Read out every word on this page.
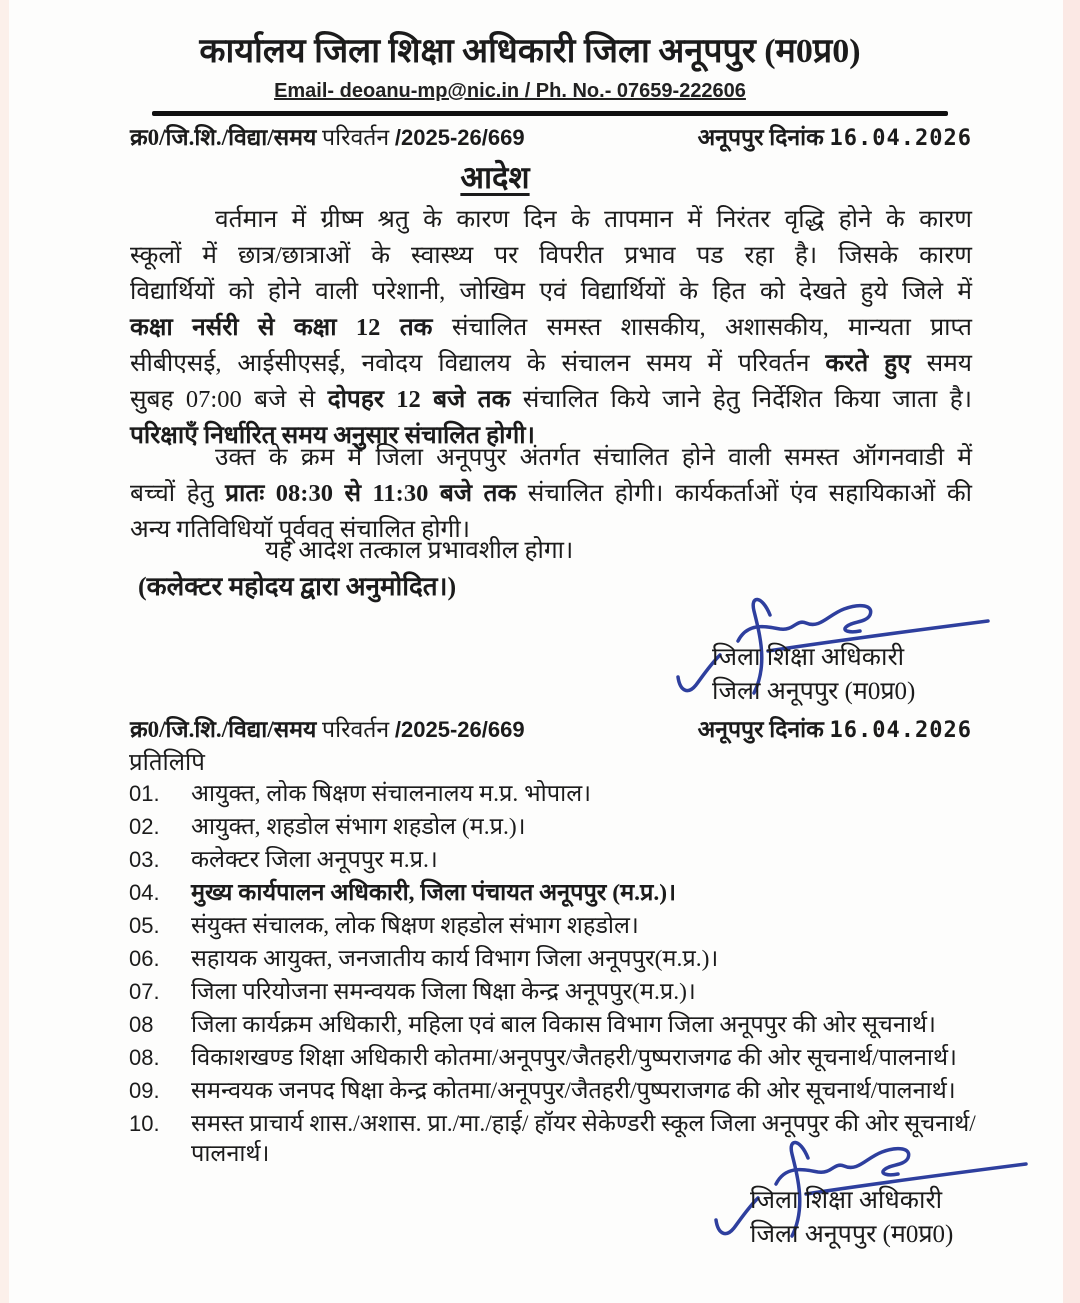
कार्यालय जिला शिक्षा अधिकारी जिला अनूपपुर (म0प्र0)
Email- deoanu-mp@nic.in / Ph. No.- 07659-222606
क्र0/जि.शि./विद्या/समय परिवर्तन /2025-26/669	अनूपपुर दिनांक 16.04.2026
आदेश
वर्तमान में ग्रीष्म श्रतु के कारण दिन के तापमान में निरंतर वृद्धि होने के कारण
स्कूलों में छात्र/छात्राओं के स्वास्थ्य पर विपरीत प्रभाव पड रहा है। जिसके कारण
विद्यार्थियों को होने वाली परेशानी, जोखिम एवं विद्यार्थियों के हित को देखते हुये जिले में
कक्षा नर्सरी से कक्षा 12 तक संचालित समस्त शासकीय, अशासकीय, मान्यता प्राप्त
सीबीएसई, आईसीएसई, नवोदय विद्यालय के संचालन समय में परिवर्तन करते हुए समय
सुबह 07:00 बजे से दोपहर 12 बजे तक संचालित किये जाने हेतु निर्देशित किया जाता है।
परिक्षाएँ निर्धारित समय अनुसार संचालित होगी।
उक्त के क्रम में जिला अनूपपुर अंतर्गत संचालित होने वाली समस्त ऑगनवाडी में
बच्चों हेतु प्रातः 08:30 से 11:30 बजे तक संचालित होगी। कार्यकर्ताओं एंव सहायिकाओं की
अन्य गतिविधियॉ पूर्ववत संचालित होगी।
यह आदेश तत्काल प्रभावशील होगा।
(कलेक्टर महोदय द्वारा अनुमोदित।)
जिला शिक्षा अधिकारी
जिला अनूपपुर (म0प्र0)
क्र0/जि.शि./विद्या/समय परिवर्तन /2025-26/669	अनूपपुर दिनांक 16.04.2026
प्रतिलिपि
01.	आयुक्त, लोक षिक्षण संचालनालय म.प्र. भोपाल।
02.	आयुक्त, शहडोल संभाग शहडोल (म.प्र.)।
03.	कलेक्टर जिला अनूपपुर म.प्र.।
04.	मुख्य कार्यपालन अधिकारी, जिला पंचायत अनूपपुर (म.प्र.)।
05.	संयुक्त संचालक, लोक षिक्षण शहडोल संभाग शहडोल।
06.	सहायक आयुक्त, जनजातीय कार्य विभाग जिला अनूपपुर(म.प्र.)।
07.	जिला परियोजना समन्वयक जिला षिक्षा केन्द्र अनूपपुर(म.प्र.)।
08	जिला कार्यक्रम अधिकारी, महिला एवं बाल विकास विभाग जिला अनूपपुर की ओर सूचनार्थ।
08.	विकाशखण्ड शिक्षा अधिकारी कोतमा/अनूपपुर/जैतहरी/पुष्पराजगढ की ओर सूचनार्थ/पालनार्थ।
09.	समन्वयक जनपद षिक्षा केन्द्र कोतमा/अनूपपुर/जैतहरी/पुष्पराजगढ की ओर सूचनार्थ/पालनार्थ।
10.	समस्त प्राचार्य शास./अशास. प्रा./मा./हाई/ हॉयर सेकेण्डरी स्कूल जिला अनूपपुर की ओर सूचनार्थ/ पालनार्थ।
जिला शिक्षा अधिकारी
जिला अनूपपुर (म0प्र0)
